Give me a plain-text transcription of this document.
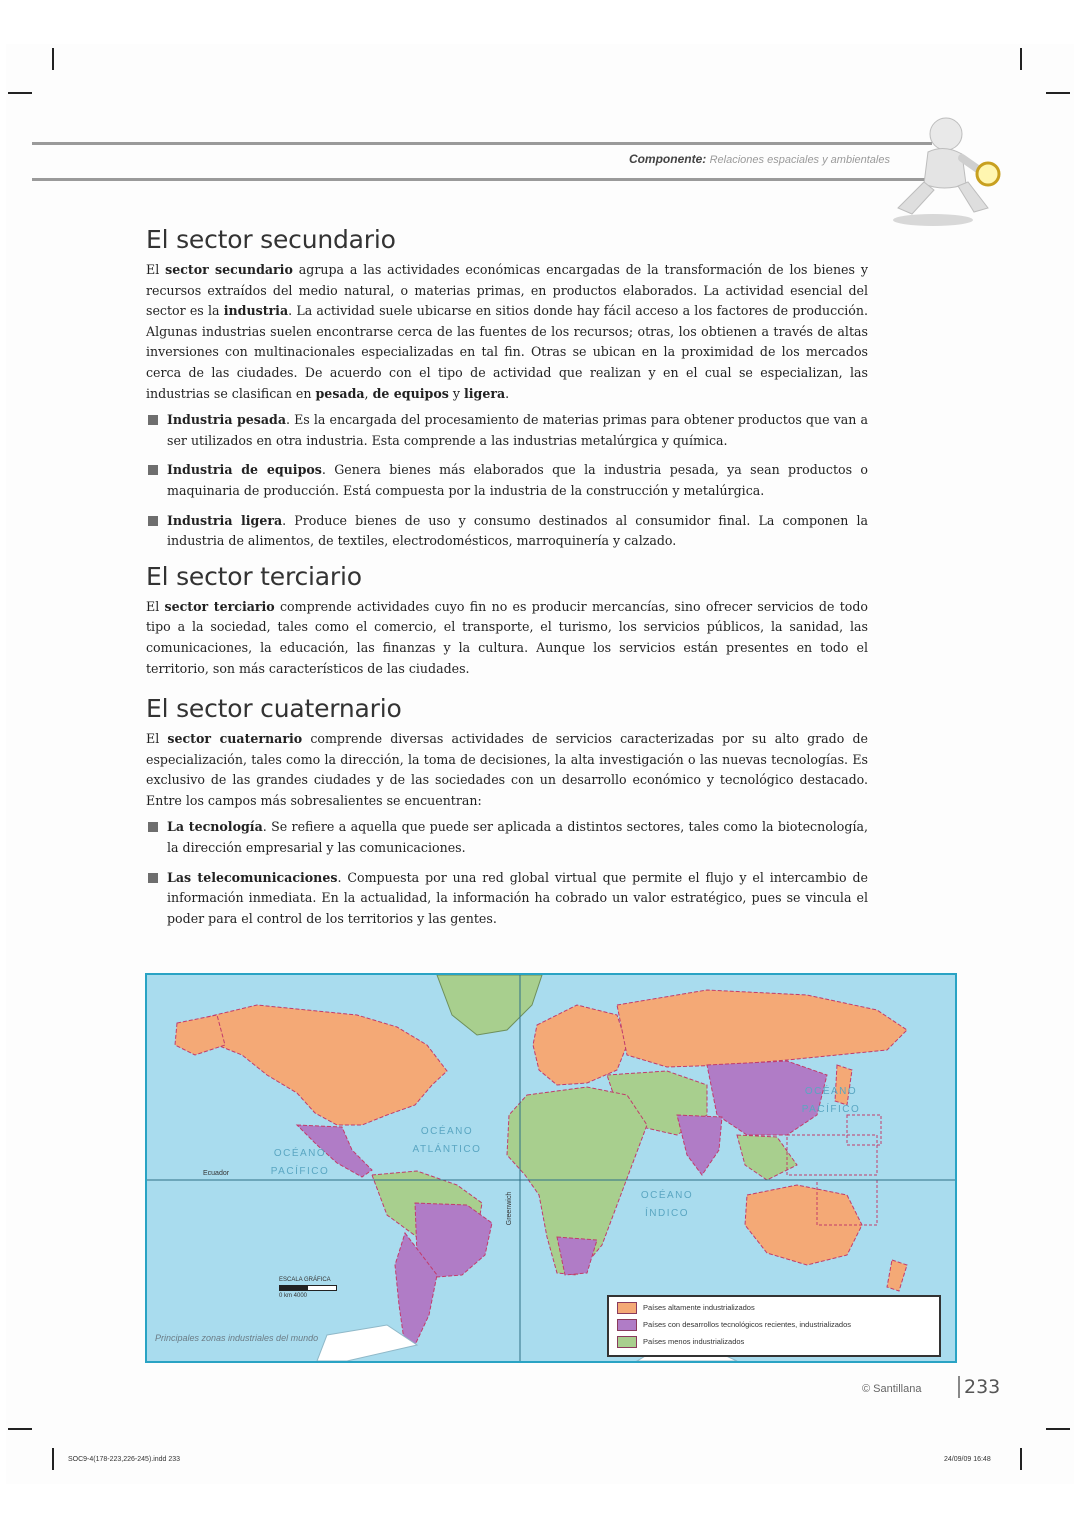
Componente: Relaciones espaciales y ambientales
El sector secundario

El sector secundario agrupa a las actividades económicas encargadas de la transformación de los bienes y recursos extraídos del medio natural, o materias primas, en productos elaborados. La actividad esencial del sector es la industria. La actividad suele ubicarse en sitios donde hay fácil acceso a los factores de producción. Algunas industrias suelen encontrarse cerca de las fuentes de los recursos; otras, los obtienen a través de altas inversiones con multinacionales especializadas en tal fin. Otras se ubican en la proximidad de los mercados cerca de las ciudades. De acuerdo con el tipo de actividad que realizan y en el cual se especializan, las industrias se clasifican en pesada, de equipos y ligera.

Industria pesada. Es la encargada del procesamiento de materias primas para obtener productos que van a ser utilizados en otra industria. Esta comprende a las industrias metalúrgica y química.
Industria de equipos. Genera bienes más elaborados que la industria pesada, ya sean productos o maquinaria de producción. Está compuesta por la industria de la construcción y metalúrgica.
Industria ligera. Produce bienes de uso y consumo destinados al consumidor final. La componen la industria de alimentos, de textiles, electrodomésticos, marroquinería y calzado.
El sector terciario

El sector terciario comprende actividades cuyo fin no es producir mercancías, sino ofrecer servicios de todo tipo a la sociedad, tales como el comercio, el transporte, el turismo, los servicios públicos, la sanidad, las comunicaciones, la educación, las finanzas y la cultura. Aunque los servicios están presentes en todo el territorio, son más característicos de las ciudades.

El sector cuaternario

El sector cuaternario comprende diversas actividades de servicios caracterizadas por su alto grado de especialización, tales como la dirección, la toma de decisiones, la alta investigación o las nuevas tecnologías. Es exclusivo de las grandes ciudades y de las sociedades con un desarrollo económico y tecnológico destacado. Entre los campos más sobresalientes se encuentran:

La tecnología. Se refiere a aquella que puede ser aplicada a distintos sectores, tales como la biotecnología, la dirección empresarial y las comunicaciones.
Las telecomunicaciones. Compuesta por una red global virtual que permite el flujo y el intercambio de información inmediata. En la actualidad, la información ha cobrado un valor estratégico, pues se vincula el poder para el control de los territorios y las gentes.
OCÉANO PACÍFICO
OCÉANO ATLÁNTICO
OCÉANO PACÍFICO
OCÉANO ÍNDICO
Ecuador
Greenwich
ESCALA GRÁFICA
0 km 4000
Principales zonas industriales del mundo
Países altamente industrializados
Países con desarrollos tecnológicos recientes, industrializados
Países menos industrializados
© Santillana	233
SOC9-4(178-223,226-245).indd 233	24/09/09 16:48
